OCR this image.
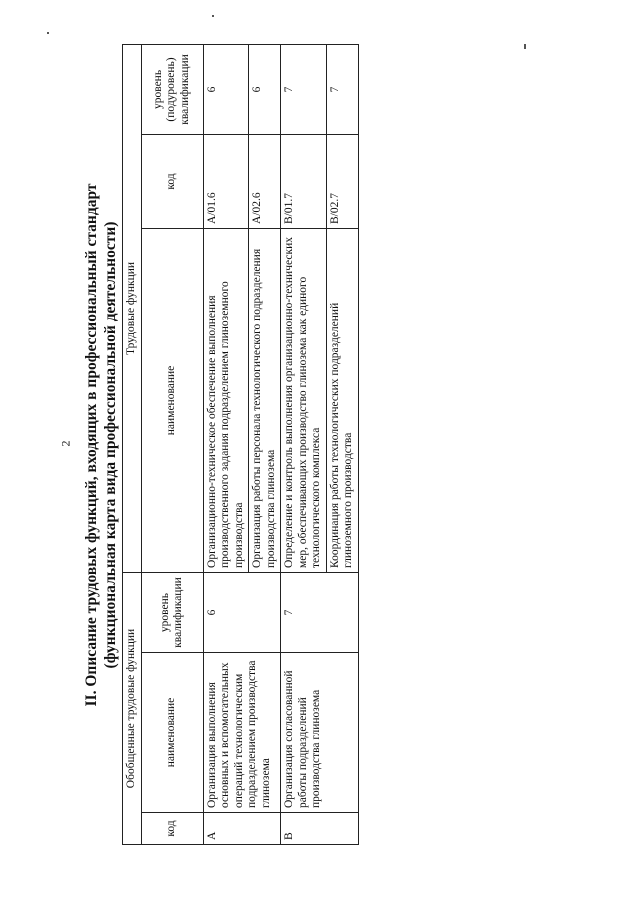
2 II. Описание трудовых функций, входящих в профессиональный стандарт (функциональная карта вида профессиональной деятельности)
Обобщенные трудовые функции			Трудовые функции		
код	наименование	уровень квалификации	наименование	код	уровень (подуровень) квалификации
А	Организация выполнения основных и вспомогательных операций технологическим подразделением производства глинозема	6	Организационно-техническое обеспечение выполнения производственного задания подразделением глиноземного производства	А/01.6	6
			Организация работы персонала технологического подразделения производства глинозема	А/02.6	6
В	Организация согласованной работы подразделений производства глинозема	7	Определение и контроль выполнения организационно-технических мер, обеспечивающих производство глинозема как единого технологического комплекса	В/01.7	7
			Координация работы технологических подразделений глиноземного производства	В/02.7	7
